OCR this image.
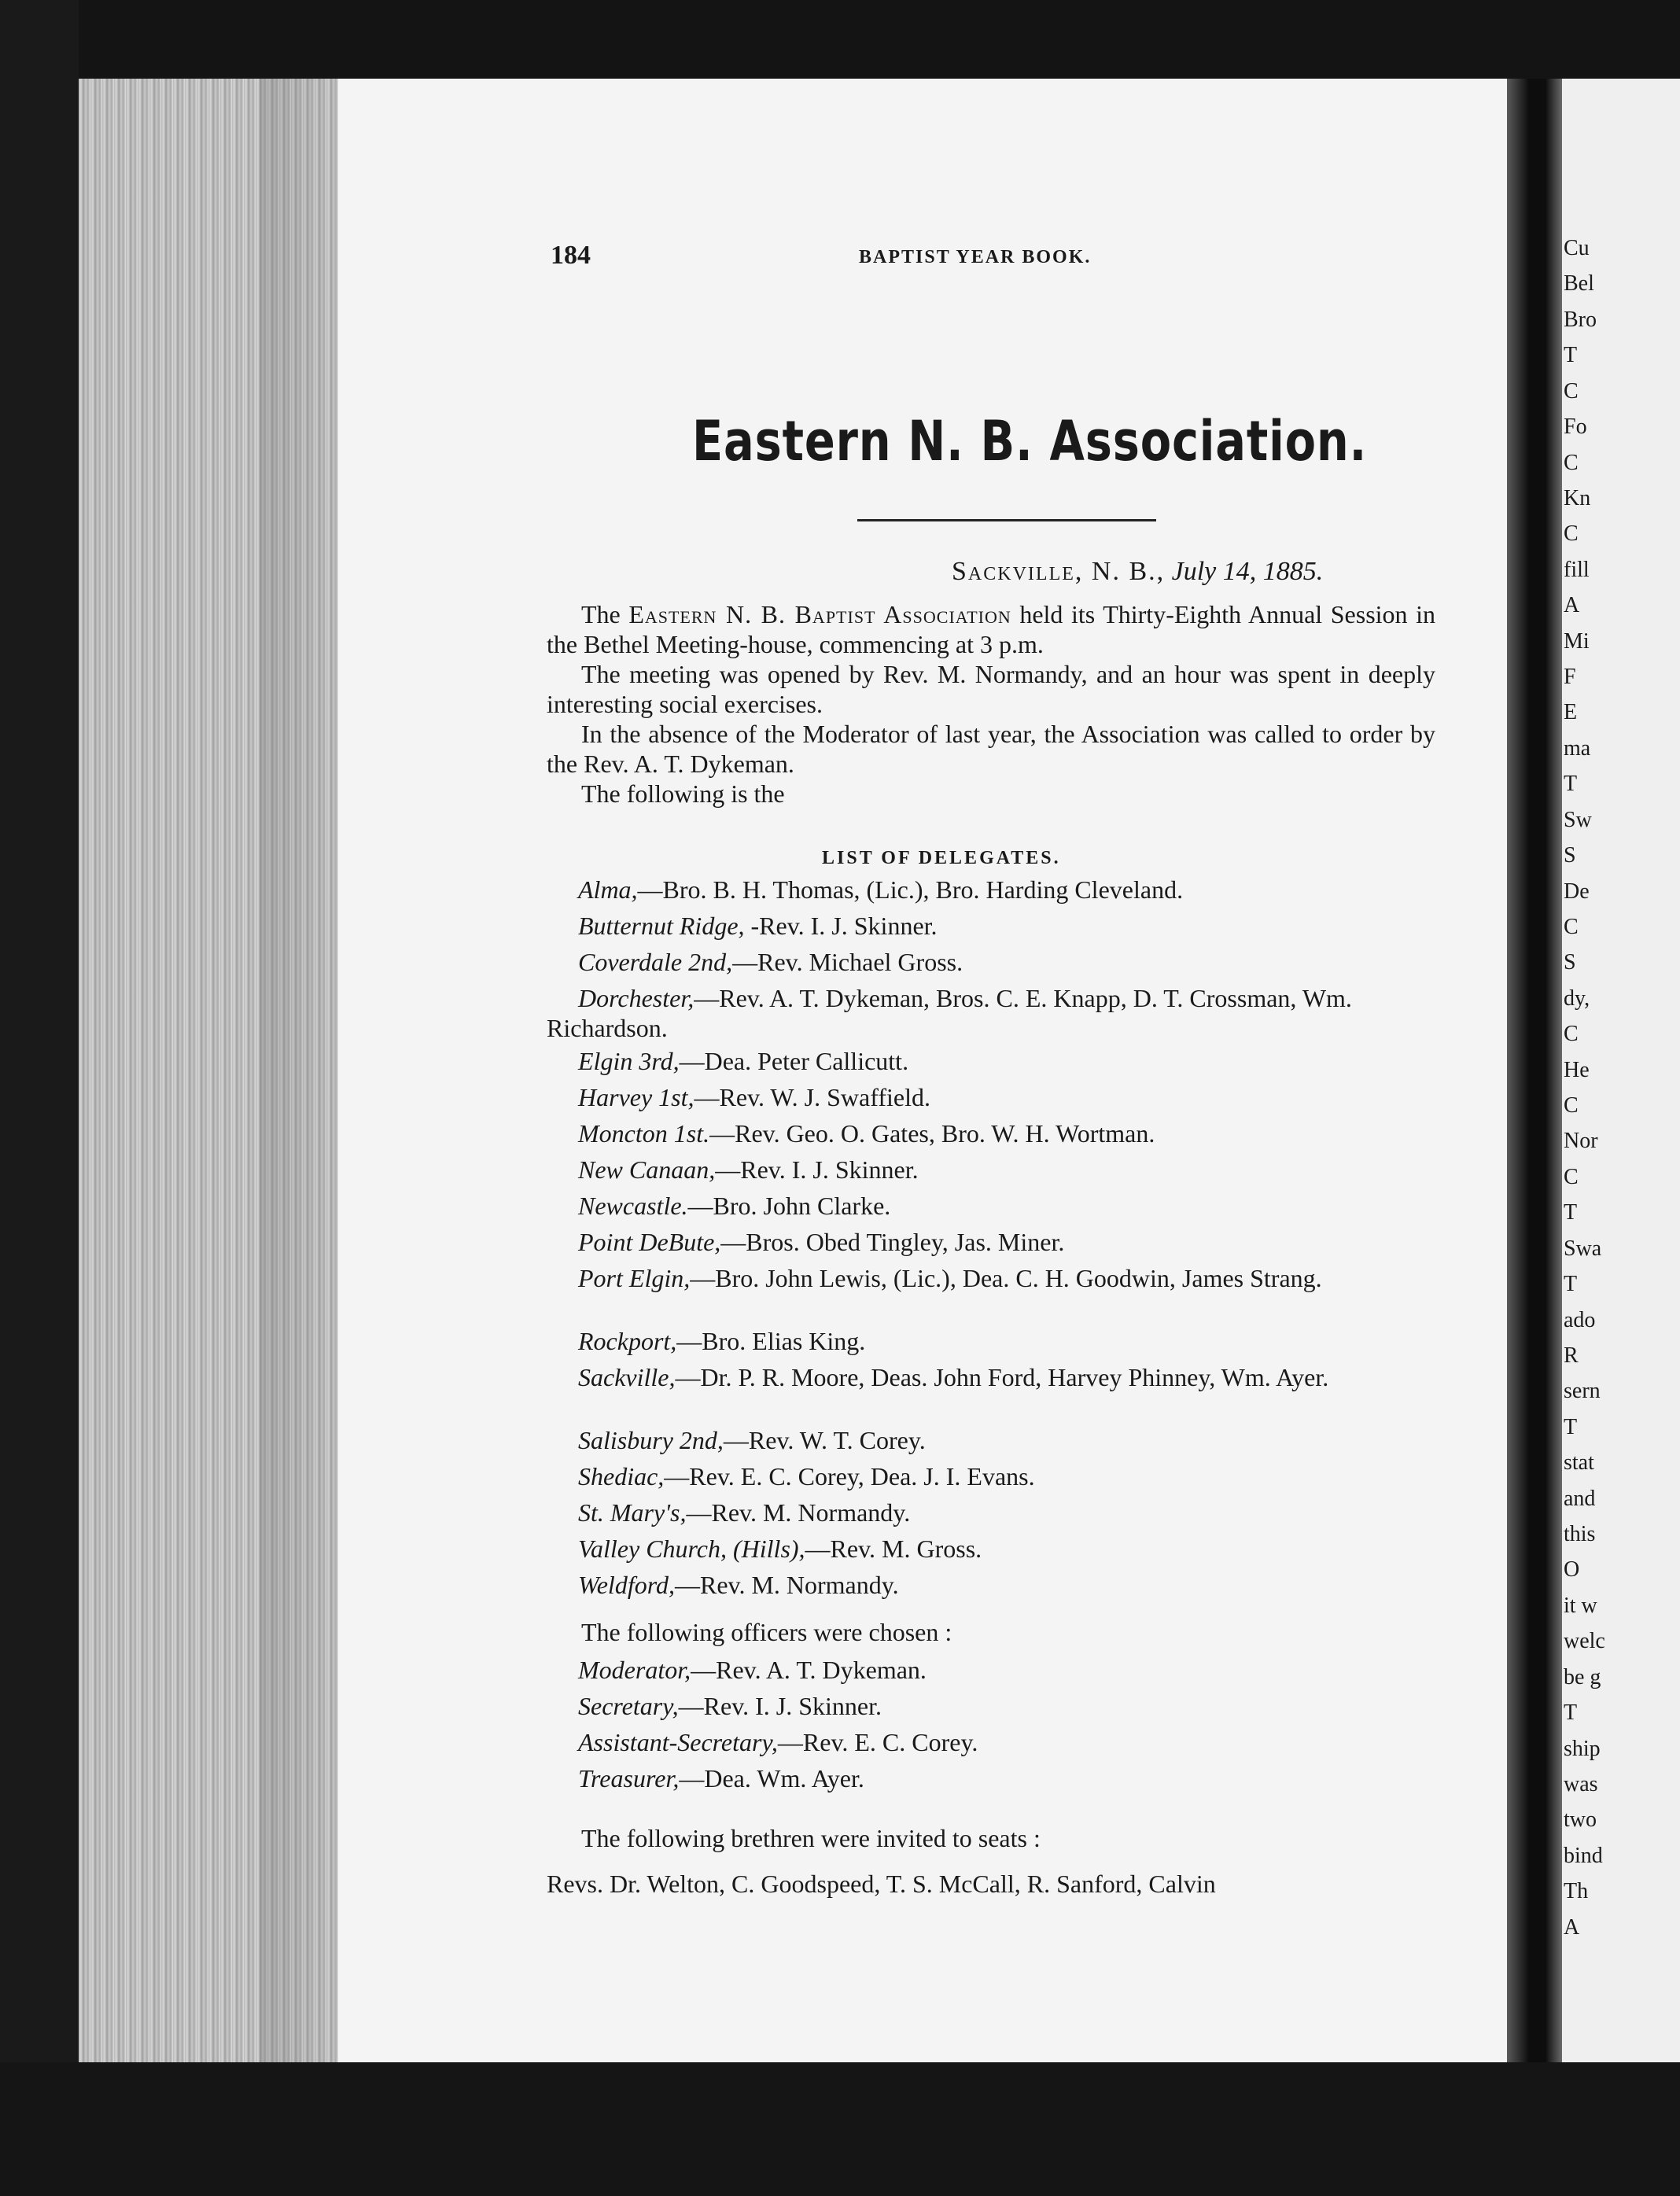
Cu
Bel
Bro
T
C
Fo
C
Kn
C
fill
A
Mi
F
E
ma
T
Sw
S
De
C
S
dy,
C
He
C
Nor
C
T
Swa
T
ado
R
sern
T
stat
and
this
O
it w
welc
be g
T
ship
was
two
bind
Th
A
184	BAPTIST YEAR BOOK.
Eastern N. B. Association.
Sackville, N. B., July 14, 1885.
The Eastern N. B. Baptist Association held its Thirty-Eighth Annual Session in the Bethel Meeting-house, commencing at 3 p.m.
The meeting was opened by Rev. M. Normandy, and an hour was spent in deeply interesting social exercises.
In the absence of the Moderator of last year, the Association was called to order by the Rev. A. T. Dykeman.
The following is the
LIST OF DELEGATES.
Alma,—Bro. B. H. Thomas, (Lic.), Bro. Harding Cleveland.
Butternut Ridge, -Rev. I. J. Skinner.
Coverdale 2nd,—Rev. Michael Gross.
Dorchester,—Rev. A. T. Dykeman, Bros. C. E. Knapp, D. T. Crossman, Wm. Richardson.
Elgin 3rd,—Dea. Peter Callicutt.
Harvey 1st,—Rev. W. J. Swaffield.
Moncton 1st.—Rev. Geo. O. Gates, Bro. W. H. Wortman.
New Canaan,—Rev. I. J. Skinner.
Newcastle.—Bro. John Clarke.
Point DeBute,—Bros. Obed Tingley, Jas. Miner.
Port Elgin,—Bro. John Lewis, (Lic.), Dea. C. H. Goodwin, James Strang.
Rockport,—Bro. Elias King.
Sackville,—Dr. P. R. Moore, Deas. John Ford, Harvey Phinney, Wm. Ayer.
Salisbury 2nd,—Rev. W. T. Corey.
Shediac,—Rev. E. C. Corey, Dea. J. I. Evans.
St. Mary's,—Rev. M. Normandy.
Valley Church, (Hills),—Rev. M. Gross.
Weldford,—Rev. M. Normandy.
The following officers were chosen :
Moderator,—Rev. A. T. Dykeman.
Secretary,—Rev. I. J. Skinner.
Assistant-Secretary,—Rev. E. C. Corey.
Treasurer,—Dea. Wm. Ayer.
The following brethren were invited to seats :
Revs. Dr. Welton, C. Goodspeed, T. S. McCall, R. Sanford, Calvin
